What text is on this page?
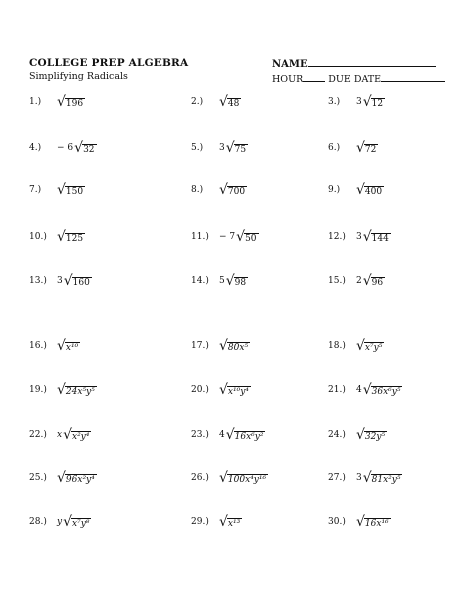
COLLEGE PREP ALGEBRA
Simplifying Radicals
NAME
HOUR	DUE DATE
1.)	√ 196	2.)	√ 48	3.)	3 √ 12
4.)	− 6 √ 32	5.)	3 √ 75	6.)	√ 72
7.)	√ 150	8.)	√ 700	9.)	√ 400
10.) √ 125	11.)	− 7 √ 50	12.)	3 √ 144
13.)	3 √ 160	14.)	5 √ 98	15.)	2 √ 96
16.) √ x¹⁰	17.) √ 80x⁵	18.) √ x⁷y⁵
19.) √ 24x⁵y⁵	20.) √ x¹⁰y⁴	21.)	4 √ 36x⁶y⁵
22.)	x √ x²y⁴	23.)	4 √ 16x⁶y²	24.) √ 32y⁵
25.) √ 96x²y⁴	26.) √ 100x⁴y¹⁶	27.)	3 √ 81x²y⁵
28.)	y √ x⁷y⁸	29.) √ x¹³	30.) √ 16x¹⁶
